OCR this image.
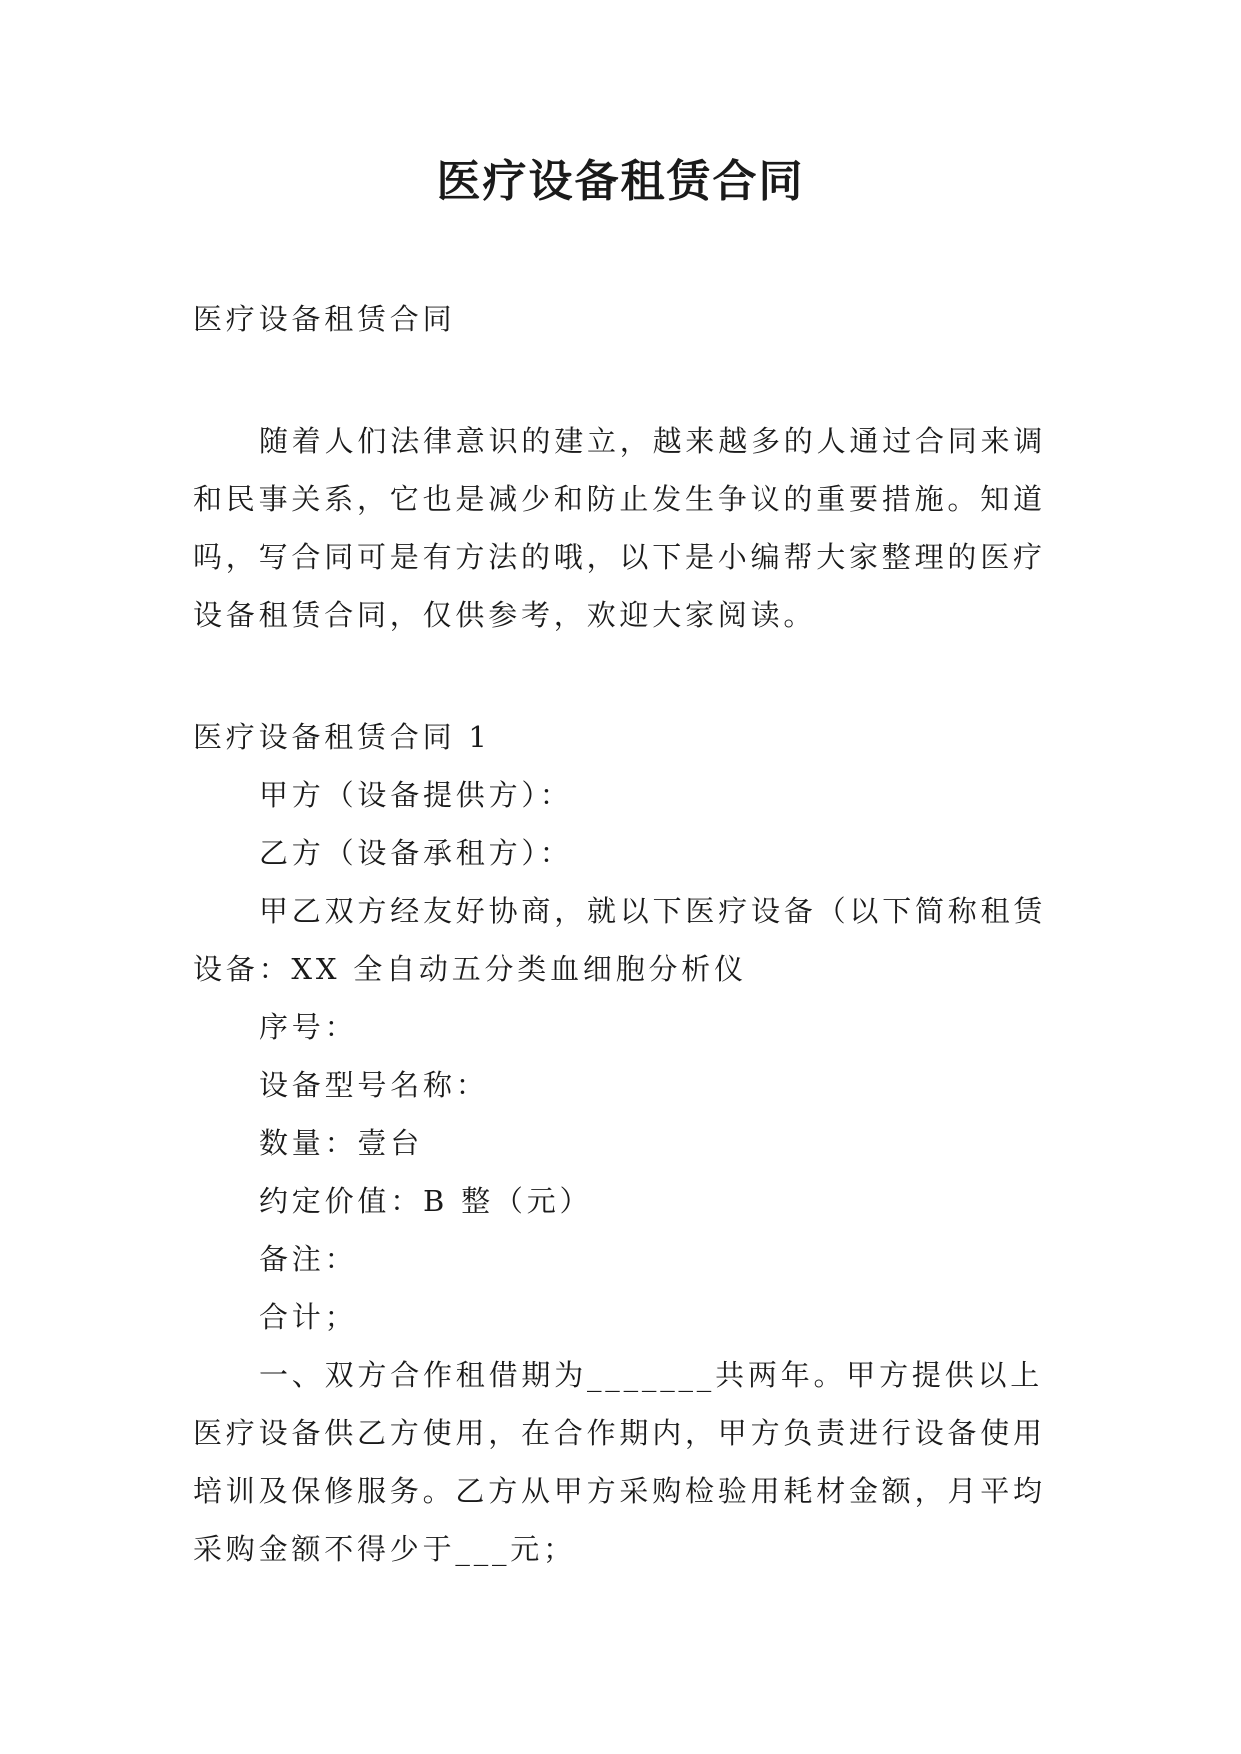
医疗设备租赁合同

医疗设备租赁合同

随着人们法律意识的建立，越来越多的人通过合同来调和民事关系，它也是减少和防止发生争议的重要措施。知道吗，写合同可是有方法的哦，以下是小编帮大家整理的医疗设备租赁合同，仅供参考，欢迎大家阅读。

医疗设备租赁合同 1

甲方（设备提供方）：

乙方（设备承租方）：

甲乙双方经友好协商，就以下医疗设备（以下简称租赁设备：XX 全自动五分类血细胞分析仪

序号：

设备型号名称：

数量：壹台

约定价值：B 整（元）

备注：

合计；

一、双方合作租借期为_______共两年。甲方提供以上医疗设备供乙方使用，在合作期内，甲方负责进行设备使用培训及保修服务。乙方从甲方采购检验用耗材金额，月平均采购金额不得少于___元；
